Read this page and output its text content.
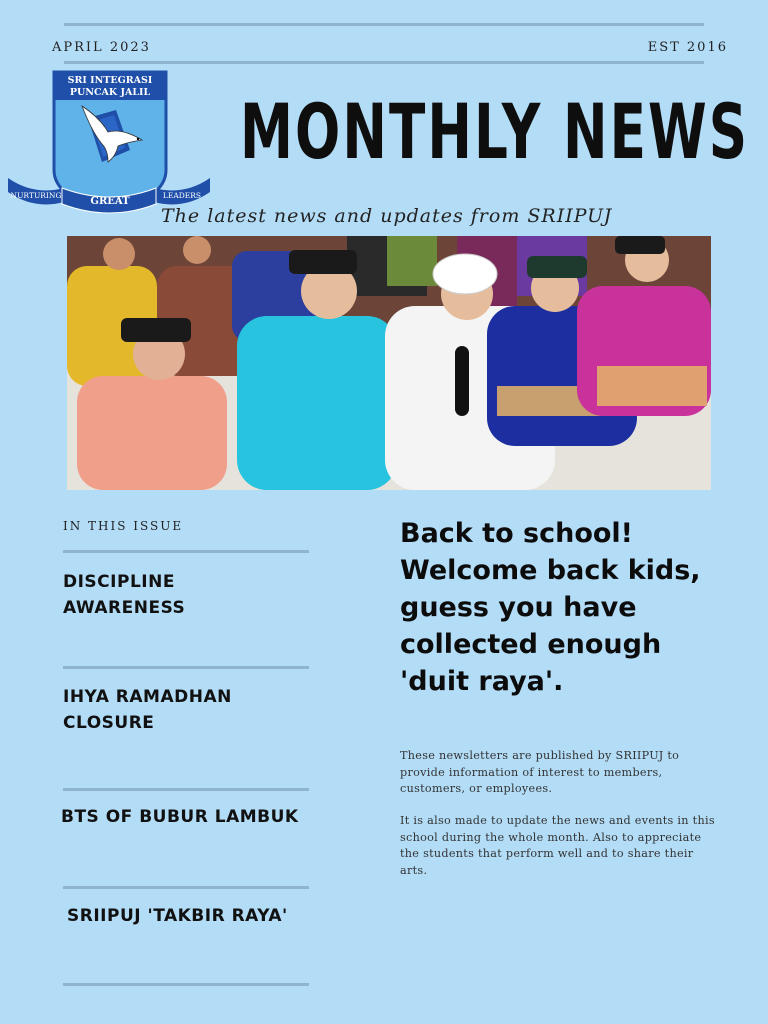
APRIL 2023	EST 2016
SRI INTEGRASI
PUNCAK JALIL
NURTURING
GREAT
LEADERS
MONTHLY NEWS
The latest news and updates from SRIIPUJ
IN THIS ISSUE
DISCIPLINE
AWARENESS
IHYA RAMADHAN
CLOSURE
BTS OF BUBUR LAMBUK
SRIIPUJ 'TAKBIR RAYA'
Back to school!
Welcome back kids,
guess you have
collected enough
'duit raya'.
These newsletters are published by SRIIPUJ to
provide information of interest to members,
customers, or employees.
It is also made to update the news and events in this
school during the whole month. Also to appreciate
the students that perform well and to share their
arts.
